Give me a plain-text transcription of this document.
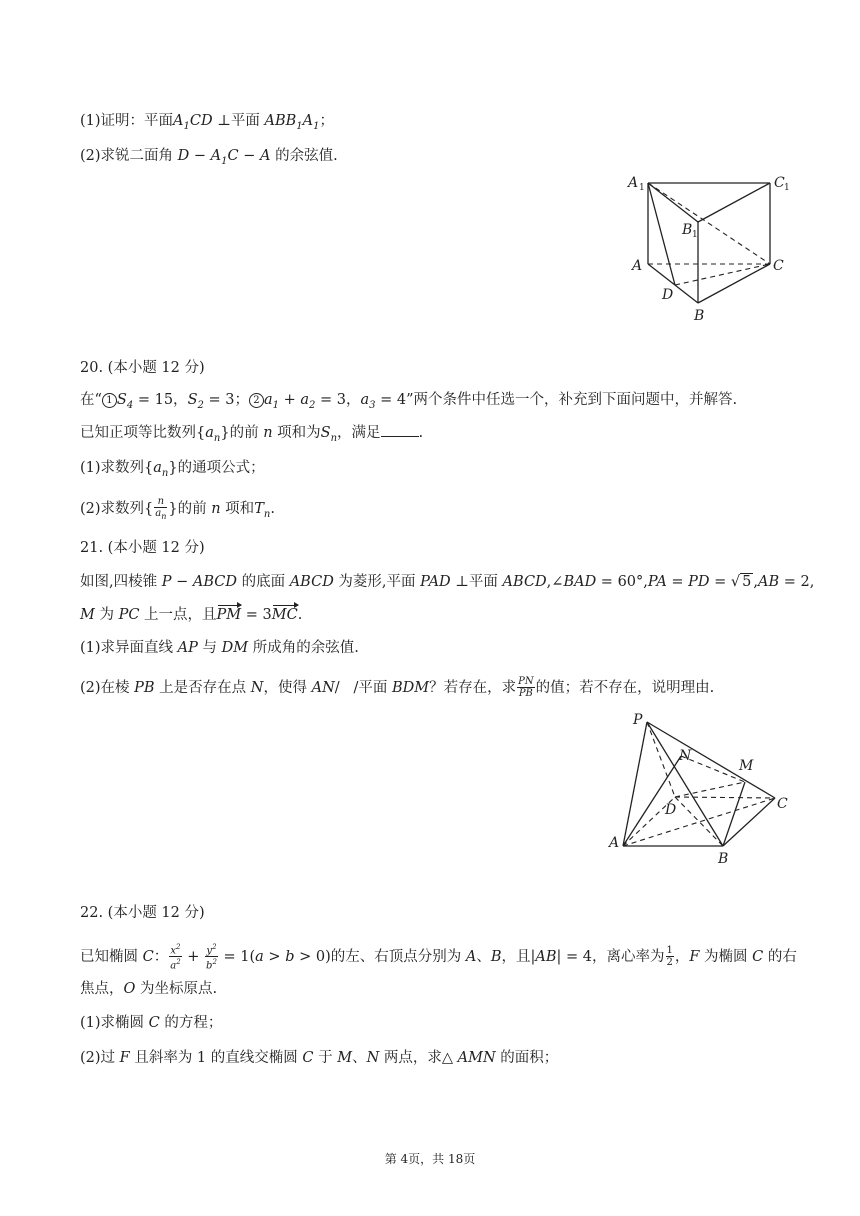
(1)证明：平面$A_1CD$ ⊥平面 $ABB_1A_1$；
(2)求锐二面角 $D - A_1C - A$ 的余弦值.
A 1	C 1
B 1
A	C
D
B
20. (本小题 12 分)
在“ 1 $S_4 = 15$，$S_2 = 3$； 2 $a_1 + a_2 = 3$，$a_3 = 4$”两个条件中任选一个，补充到下面问题中，并解答.
已知正项等比数列$\{a_n\}$的前 n 项和为$S_n$，满足	.
(1)求数列$\{a_n\}$的通项公式；
(2)求数列{ $\frac{n}{a_n}$ }的前 n 项和$T_n$.
21. (本小题 12 分)
如图,四棱锥 P − ABCD 的底面 ABCD 为菱形,平面 PAD ⊥平面 ABCD,∠BAD = 60°,PA = PD = √ 5 ,AB = 2,
M 为 PC 上一点，且PM = 3MC.
(1)求异面直线 AP 与 DM 所成角的余弦值.
(2)在棱 PB 上是否存在点 N，使得 AN/   /平面 BDM？若存在，求 $\frac{PN}{PB}$ 的值；若不存在，说明理由.
P
N
M
D	C
A
B
22. (本小题 12 分)
已知椭圆 C： $\frac{x^2}{a^2} + \frac{y^2}{b^2} = 1(a > b > 0)$的左、右顶点分别为 A、B，且|AB| = 4，离心率为 $\frac{1}{2}$ ，F 为椭圆 C 的右
焦点，O 为坐标原点.
(1)求椭圆 C 的方程；
(2)过 F 且斜率为 1 的直线交椭圆 C 于 M、N 两点，求△ AMN 的面积；
第 4页，共 18页
